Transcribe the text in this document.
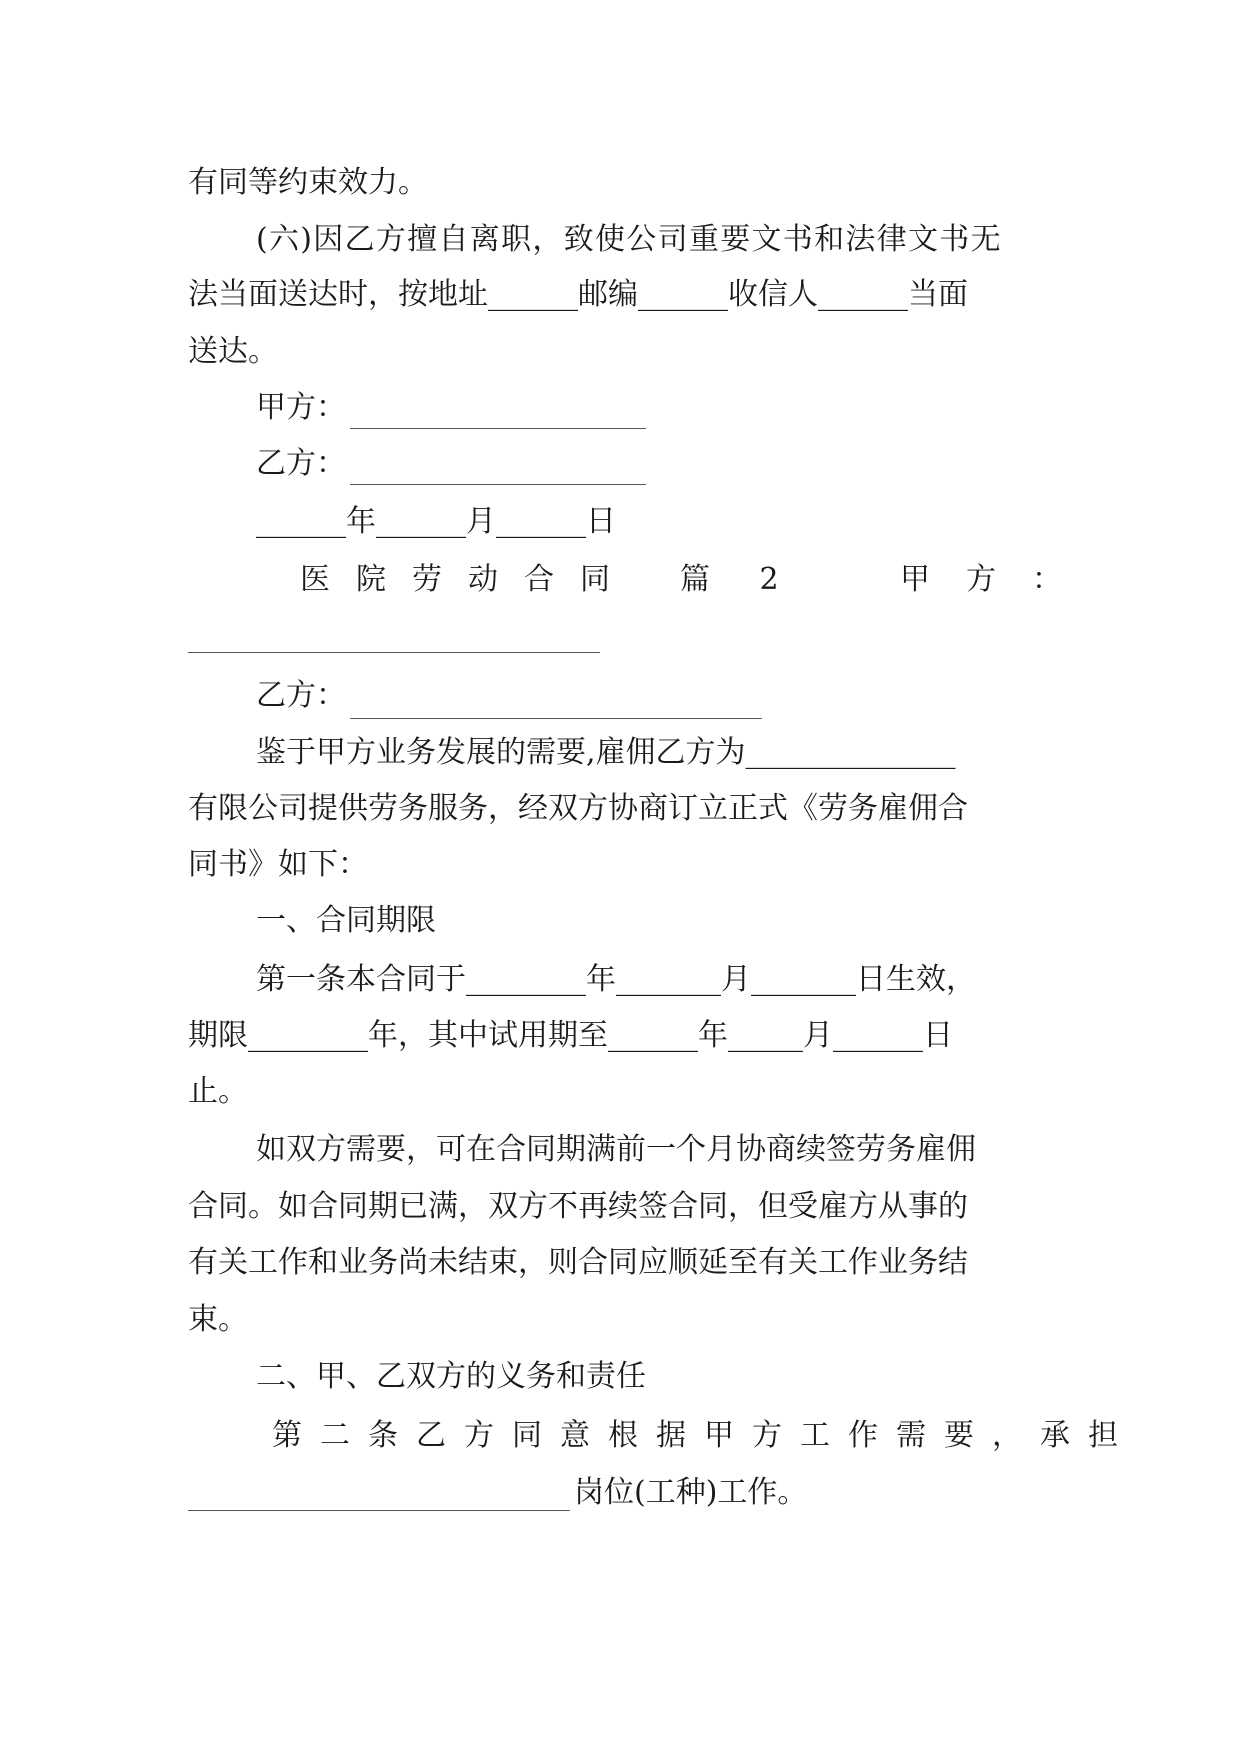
有同等约束效力。
(六)因乙方擅自离职，致使公司重要文书和法律文书无
法当面送达时，按地址______邮编______收信人______当面
送达。
甲方：
乙方：
______年______月______日
医院劳动合同 篇 2	甲方：
乙方：
鉴于甲方业务发展的需要,雇佣乙方为______________
有限公司提供劳务服务，经双方协商订立正式《劳务雇佣合
同书》如下：
一、合同期限
第一条本合同于________年_______月_______日生效，
期限________年，其中试用期至______年_____月______日
止。
如双方需要，可在合同期满前一个月协商续签劳务雇佣
合同。如合同期已满，双方不再续签合同，但受雇方从事的
有关工作和业务尚未结束，则合同应顺延至有关工作业务结
束。
二、甲、乙双方的义务和责任
第二条乙方同意根据甲方工作需要，承担
岗位(工种)工作。
